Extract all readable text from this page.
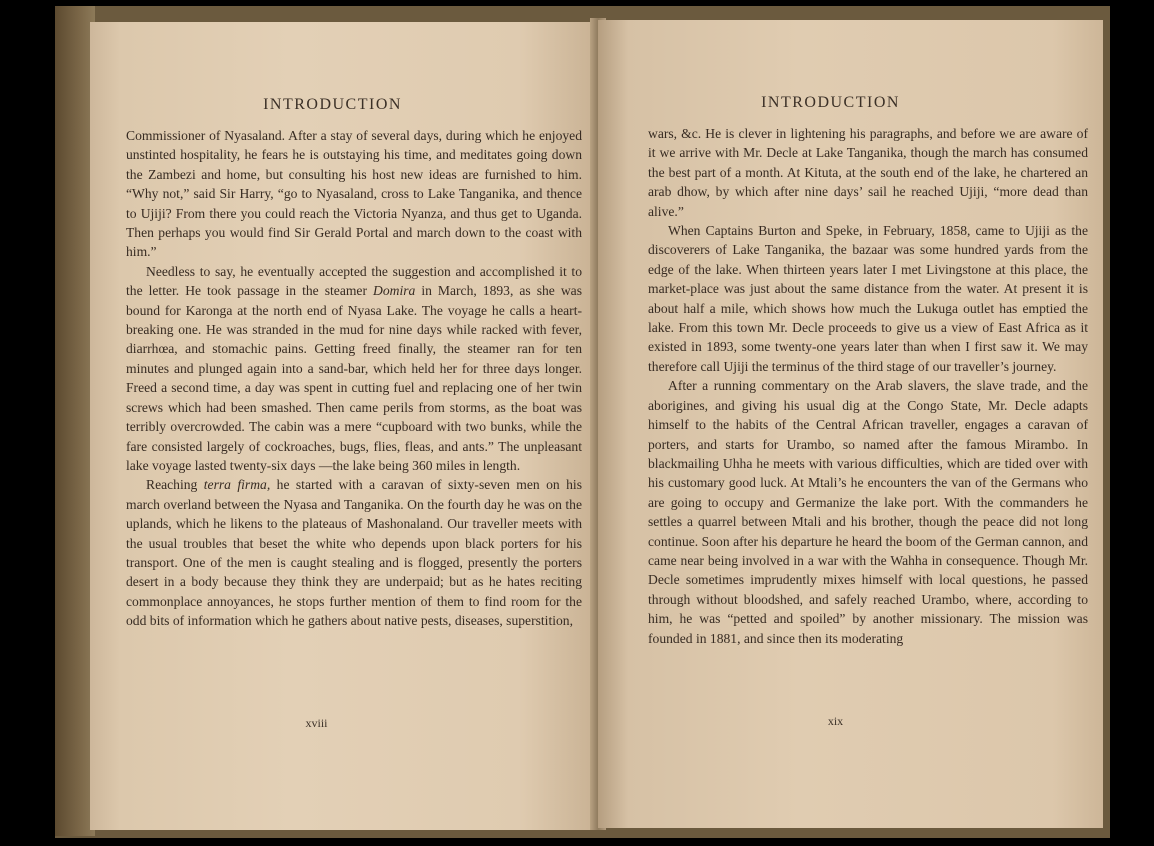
INTRODUCTION

Commissioner of Nyasaland. After a stay of several days, during which he enjoyed unstinted hospitality, he fears he is outstaying his time, and meditates going down the Zambezi and home, but consulting his host new ideas are furnished to him. “Why not,” said Sir Harry, “go to Nyasaland, cross to Lake Tanganika, and thence to Ujiji? From there you could reach the Victoria Nyanza, and thus get to Uganda. Then perhaps you would find Sir Gerald Portal and march down to the coast with him.”

Needless to say, he eventually accepted the suggestion and accomplished it to the letter. He took passage in the steamer Domira in March, 1893, as she was bound for Karonga at the north end of Nyasa Lake. The voyage he calls a heart-breaking one. He was stranded in the mud for nine days while racked with fever, diarrhœa, and stomachic pains. Getting freed finally, the steamer ran for ten minutes and plunged again into a sand-bar, which held her for three days longer. Freed a second time, a day was spent in cutting fuel and replacing one of her twin screws which had been smashed. Then came perils from storms, as the boat was terribly overcrowded. The cabin was a mere “cupboard with two bunks, while the fare consisted largely of cockroaches, bugs, flies, fleas, and ants.” The unpleasant lake voyage lasted twenty-six days —the lake being 360 miles in length.

Reaching terra firma, he started with a caravan of sixty-seven men on his march overland between the Nyasa and Tanganika. On the fourth day he was on the uplands, which he likens to the plateaus of Mashonaland. Our traveller meets with the usual troubles that beset the white who depends upon black porters for his transport. One of the men is caught stealing and is flogged, presently the porters desert in a body because they think they are underpaid; but as he hates reciting commonplace annoyances, he stops further mention of them to find room for the odd bits of information which he gathers about native pests, diseases, superstition,

xviii
INTRODUCTION

wars, &c. He is clever in lightening his paragraphs, and before we are aware of it we arrive with Mr. Decle at Lake Tanganika, though the march has consumed the best part of a month. At Kituta, at the south end of the lake, he chartered an arab dhow, by which after nine days’ sail he reached Ujiji, “more dead than alive.”

When Captains Burton and Speke, in February, 1858, came to Ujiji as the discoverers of Lake Tanganika, the bazaar was some hundred yards from the edge of the lake. When thirteen years later I met Livingstone at this place, the market-place was just about the same distance from the water. At present it is about half a mile, which shows how much the Lukuga outlet has emptied the lake. From this town Mr. Decle proceeds to give us a view of East Africa as it existed in 1893, some twenty-one years later than when I first saw it. We may therefore call Ujiji the terminus of the third stage of our traveller’s journey.

After a running commentary on the Arab slavers, the slave trade, and the aborigines, and giving his usual dig at the Congo State, Mr. Decle adapts himself to the habits of the Central African traveller, engages a caravan of porters, and starts for Urambo, so named after the famous Mirambo. In blackmailing Uhha he meets with various difficulties, which are tided over with his customary good luck. At Mtali’s he encounters the van of the Germans who are going to occupy and Germanize the lake port. With the commanders he settles a quarrel between Mtali and his brother, though the peace did not long continue. Soon after his departure he heard the boom of the German cannon, and came near being involved in a war with the Wahha in consequence. Though Mr. Decle sometimes imprudently mixes himself with local questions, he passed through without bloodshed, and safely reached Urambo, where, according to him, he was “petted and spoiled” by another missionary. The mission was founded in 1881, and since then its moderating

xix
